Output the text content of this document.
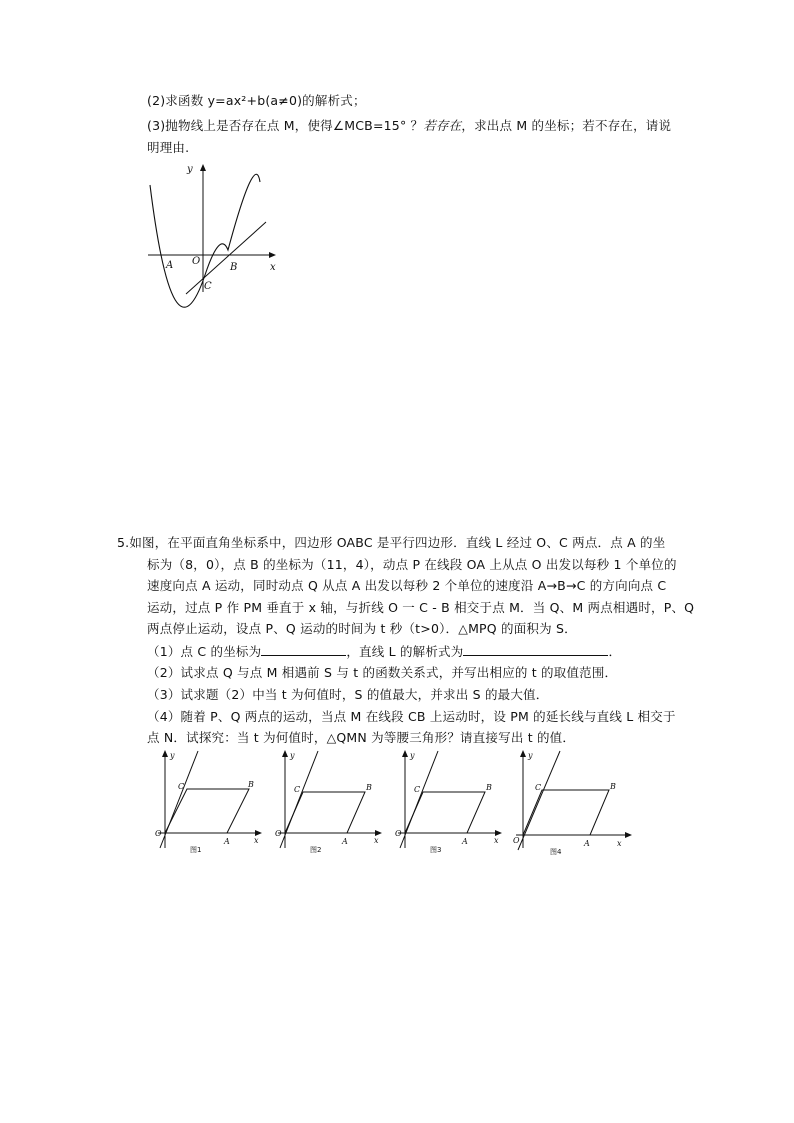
(2)求函数 y=ax²+b(a≠0)的解析式；
(3)抛物线上是否存在点 M，使得∠MCB=15° ？若存在，求出点 M 的坐标；若不存在，请说
明理由.
y
x
A O
B
C
5.如图，在平面直角坐标系中，四边形 OABC 是平行四边形．直线 L 经过 O、C 两点．点 A 的坐
标为（8，0），点 B 的坐标为（11，4），动点 P 在线段 OA 上从点 O 出发以每秒 1 个单位的
速度向点 A 运动，同时动点 Q 从点 A 出发以每秒 2 个单位的速度沿 A→B→C 的方向向点 C
运动，过点 P 作 PM 垂直于 x 轴，与折线 O 一 C - B 相交于点 M．当 Q、M 两点相遇时，P、Q
两点停止运动，设点 P、Q 运动的时间为 t 秒（t>0）．△MPQ 的面积为 S．
（1）点 C 的坐标为	，直线 L 的解析式为	．
（2）试求点 Q 与点 M 相遇前 S 与 t 的函数关系式，并写出相应的 t 的取值范围．
（3）试求题（2）中当 t 为何值时，S 的值最大，并求出 S 的最大值．
（4）随着 P、Q 两点的运动，当点 M 在线段 CB 上运动时，设 PM 的延长线与直线 L 相交于
点 N．试探究：当 t 为何值时，△QMN 为等腰三角形？请直接写出 t 的值．
y
C	B
O
A	x
图1
y
C	B
O
A	x
图2
y
C	B
O
A	x
图3
y
C	B
O	A	x
图4
